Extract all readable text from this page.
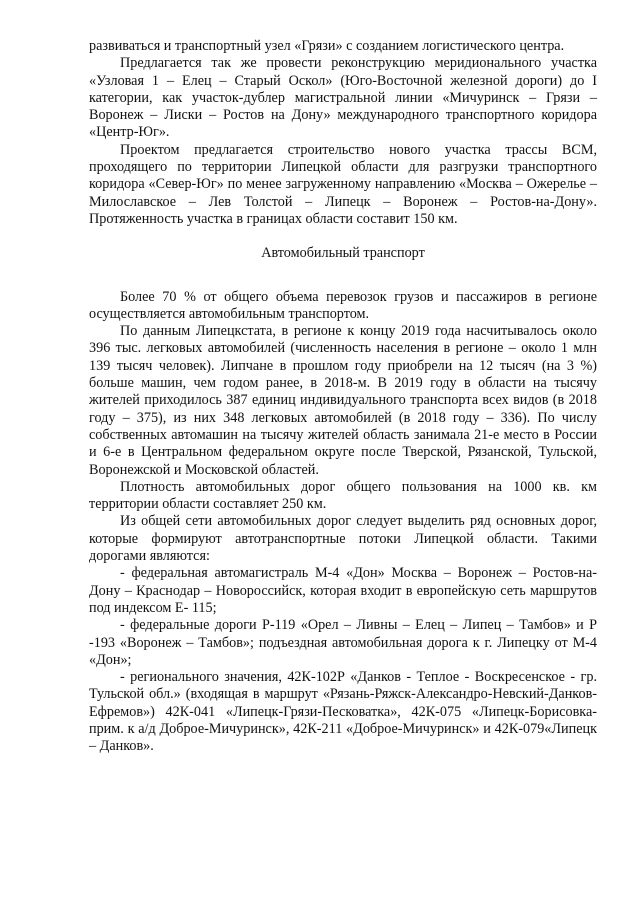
развиваться и транспортный узел «Грязи» с созданием логистического центра.

Предлагается так же провести реконструкцию меридионального участка «Узловая 1 – Елец – Старый Оскол» (Юго-Восточной железной дороги) до I категории, как участок-дублер магистральной линии «Мичуринск – Грязи – Воронеж – Лиски – Ростов на Дону» международного транспортного коридора «Центр-Юг».

Проектом предлагается строительство нового участка трассы ВСМ, проходящего по территории Липецкой области для разгрузки транспортного коридора «Север-Юг» по менее загруженному направлению «Москва – Ожерелье – Милославское – Лев Толстой – Липецк – Воронеж – Ростов-на-Дону». Протяженность участка в границах области составит 150 км.

Автомобильный транспорт

Более 70 % от общего объема перевозок грузов и пассажиров в регионе осуществляется автомобильным транспортом.

По данным Липецкстата, в регионе к концу 2019 года насчитывалось около 396 тыс. легковых автомобилей (численность населения в регионе – около 1 млн 139 тысяч человек). Липчане в прошлом году приобрели на 12 тысяч (на 3 %) больше машин, чем годом ранее, в 2018-м. В 2019 году в области на тысячу жителей приходилось 387 единиц индивидуального транспорта всех видов (в 2018 году – 375), из них 348 легковых автомобилей (в 2018 году – 336). По числу собственных автомашин на тысячу жителей область занимала 21-е место в России и 6-е в Центральном федеральном округе после Тверской, Рязанской, Тульской, Воронежской и Московской областей.

Плотность автомобильных дорог общего пользования на 1000 кв. км территории области составляет 250 км.

Из общей сети автомобильных дорог следует выделить ряд основных дорог, которые формируют автотранспортные потоки Липецкой области. Такими дорогами являются:

- федеральная автомагистраль М-4 «Дон» Москва – Воронеж – Ростов-на-Дону – Краснодар – Новороссийск, которая входит в европейскую сеть маршрутов под индексом Е- 115;

- федеральные дороги Р-119 «Орел – Ливны – Елец – Липец – Тамбов» и Р -193 «Воронеж – Тамбов»; подъездная автомобильная дорога к г. Липецку от М-4 «Дон»;

- регионального значения, 42К-102Р «Данков - Теплое - Воскресенское - гр. Тульской обл.» (входящая в маршрут «Рязань-Ряжск-Александро-Невский-Данков-Ефремов») 42К-041 «Липецк-Грязи-Песковатка», 42К-075 «Липецк-Борисовка-прим. к а/д Доброе-Мичуринск», 42К-211 «Доброе-Мичуринск» и 42К-079«Липецк – Данков».
